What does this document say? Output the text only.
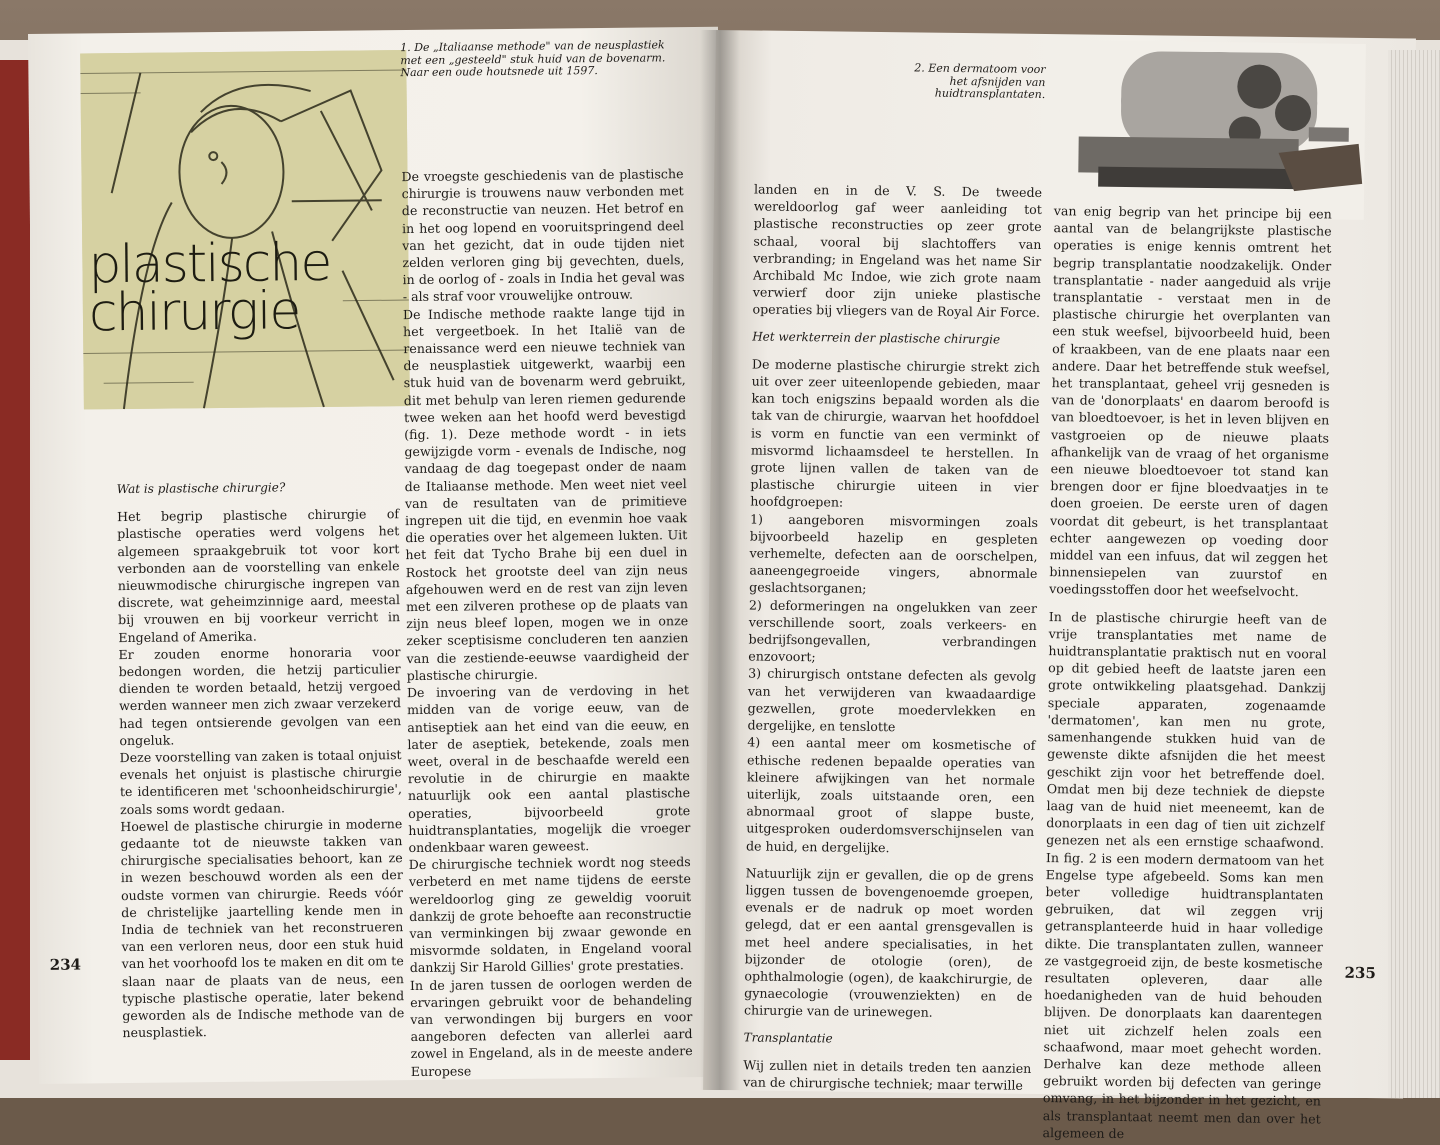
plastische
chirurgie
1. De „Italiaanse methode" van de neusplastiek met een „gesteeld" stuk huid van de bovenarm. Naar een oude houtsnede uit 1597.

Wat is plastische chirurgie?

Het begrip plastische chirurgie of plastische operaties werd volgens het algemeen spraakgebruik tot voor kort verbonden aan de voorstelling van enkele nieuwmodische chirurgische ingrepen van discrete, wat geheimzinnige aard, meestal bij vrouwen en bij voorkeur verricht in Engeland of Amerika.

Er zouden enorme honoraria voor bedongen worden, die hetzij particulier dienden te worden betaald, hetzij vergoed werden wanneer men zich zwaar verzekerd had tegen ontsierende gevolgen van een ongeluk.

Deze voorstelling van zaken is totaal onjuist evenals het onjuist is plastische chirurgie te identificeren met 'schoonheidschirurgie', zoals soms wordt gedaan.

Hoewel de plastische chirurgie in moderne gedaante tot de nieuwste takken van chirurgische specialisaties behoort, kan ze in wezen beschouwd worden als een der oudste vormen van chirurgie. Reeds vóór de christelijke jaartelling kende men in India de techniek van het reconstrueren van een verloren neus, door een stuk huid van het voorhoofd los te maken en dit om te slaan naar de plaats van de neus, een typische plastische operatie, later bekend geworden als de Indische methode van de neusplastiek.

De vroegste geschiedenis van de plastische chirurgie is trouwens nauw verbonden met de reconstructie van neuzen. Het betrof en in het oog lopend en vooruitspringend deel van het gezicht, dat in oude tijden niet zelden verloren ging bij gevechten, duels, in de oorlog of - zoals in India het geval was - als straf voor vrouwelijke ontrouw.

De Indische methode raakte lange tijd in het vergeetboek. In het Italië van de renaissance werd een nieuwe techniek van de neusplastiek uitgewerkt, waarbij een stuk huid van de bovenarm werd gebruikt, dit met behulp van leren riemen gedurende twee weken aan het hoofd werd bevestigd (fig. 1). Deze methode wordt - in iets gewijzigde vorm - evenals de Indische, nog vandaag de dag toegepast onder de naam de Italiaanse methode. Men weet niet veel van de resultaten van de primitieve ingrepen uit die tijd, en evenmin hoe vaak die operaties over het algemeen lukten. Uit het feit dat Tycho Brahe bij een duel in Rostock het grootste deel van zijn neus afgehouwen werd en de rest van zijn leven met een zilveren prothese op de plaats van zijn neus bleef lopen, mogen we in onze zeker sceptisisme concluderen ten aanzien van die zestiende-eeuwse vaardigheid der plastische chirurgie.

De invoering van de verdoving in het midden van de vorige eeuw, van de antiseptiek aan het eind van die eeuw, en later de aseptiek, betekende, zoals men weet, overal in de beschaafde wereld een revolutie in de chirurgie en maakte natuurlijk ook een aantal plastische operaties, bijvoorbeeld grote huidtransplantaties, mogelijk die vroeger ondenkbaar waren geweest.

De chirurgische techniek wordt nog steeds verbeterd en met name tijdens de eerste wereldoorlog ging ze geweldig vooruit dankzij de grote behoefte aan reconstructie van verminkingen bij zwaar gewonde en misvormde soldaten, in Engeland vooral dankzij Sir Harold Gillies' grote prestaties.

In de jaren tussen de oorlogen werden de ervaringen gebruikt voor de behandeling van verwondingen bij burgers en voor aangeboren defecten van allerlei aard zowel in Engeland, als in de meeste andere Europese

234
2. Een dermatoom voor het afsnijden van huidtransplantaten.

landen en in de V. S. De tweede wereldoorlog gaf weer aanleiding tot plastische reconstructies op zeer grote schaal, vooral bij slachtoffers van verbranding; in Engeland was het name Sir Archibald Mc Indoe, wie zich grote naam verwierf door zijn unieke plastische operaties bij vliegers van de Royal Air Force.

Het werkterrein der plastische chirurgie

De moderne plastische chirurgie strekt zich uit over zeer uiteenlopende gebieden, maar kan toch enigszins bepaald worden als die tak van de chirurgie, waarvan het hoofddoel is vorm en functie van een verminkt of misvormd lichaamsdeel te herstellen. In grote lijnen vallen de taken van de plastische chirurgie uiteen in vier hoofdgroepen:

1) aangeboren misvormingen zoals bijvoorbeeld hazelip en gespleten verhemelte, defecten aan de oorschelpen, aaneengegroeide vingers, abnormale geslachtsorganen;

2) deformeringen na ongelukken van zeer verschillende soort, zoals verkeers- en bedrijfsongevallen, verbrandingen enzovoort;

3) chirurgisch ontstane defecten als gevolg van het verwijderen van kwaadaardige gezwellen, grote moedervlekken en dergelijke, en tenslotte

4) een aantal meer om kosmetische of ethische redenen bepaalde operaties van kleinere afwijkingen van het normale uiterlijk, zoals uitstaande oren, een abnormaal groot of slappe buste, uitgesproken ouderdomsverschijnselen van de huid, en dergelijke.

Natuurlijk zijn er gevallen, die op de grens liggen tussen de bovengenoemde groepen, evenals er de nadruk op moet worden gelegd, dat er een aantal grensgevallen is met heel andere specialisaties, in het bijzonder de otologie (oren), de ophthalmologie (ogen), de kaakchirurgie, de gynaecologie (vrouwenziekten) en de chirurgie van de urinewegen.

Transplantatie

Wij zullen niet in details treden ten aanzien van de chirurgische techniek; maar terwille

van enig begrip van het principe bij een aantal van de belangrijkste plastische operaties is enige kennis omtrent het begrip transplantatie noodzakelijk. Onder transplantatie - nader aangeduid als vrije transplantatie - verstaat men in de plastische chirurgie het overplanten van een stuk weefsel, bijvoorbeeld huid, been of kraakbeen, van de ene plaats naar een andere. Daar het betreffende stuk weefsel, het transplantaat, geheel vrij gesneden is van de 'donorplaats' en daarom beroofd is van bloedtoevoer, is het in leven blijven en vastgroeien op de nieuwe plaats afhankelijk van de vraag of het organisme een nieuwe bloedtoevoer tot stand kan brengen door er fijne bloedvaatjes in te doen groeien. De eerste uren of dagen voordat dit gebeurt, is het transplantaat echter aangewezen op voeding door middel van een infuus, dat wil zeggen het binnensiepelen van zuurstof en voedingsstoffen door het weefselvocht.

In de plastische chirurgie heeft van de vrije transplantaties met name de huidtransplantatie praktisch nut en vooral op dit gebied heeft de laatste jaren een grote ontwikkeling plaatsgehad. Dankzij speciale apparaten, zogenaamde 'dermatomen', kan men nu grote, samenhangende stukken huid van de gewenste dikte afsnijden die het meest geschikt zijn voor het betreffende doel. Omdat men bij deze techniek de diepste laag van de huid niet meeneemt, kan de donorplaats in een dag of tien uit zichzelf genezen net als een ernstige schaafwond. In fig. 2 is een modern dermatoom van het Engelse type afgebeeld. Soms kan men beter volledige huidtransplantaten gebruiken, dat wil zeggen vrij getransplanteerde huid in haar volledige dikte. Die transplantaten zullen, wanneer ze vastgegroeid zijn, de beste kosmetische resultaten opleveren, daar alle hoedanigheden van de huid behouden blijven. De donorplaats kan daarentegen niet uit zichzelf helen zoals een schaafwond, maar moet gehecht worden. Derhalve kan deze methode alleen gebruikt worden bij defecten van geringe omvang, in het bijzonder in het gezicht, en als transplantaat neemt men dan over het algemeen de

235
